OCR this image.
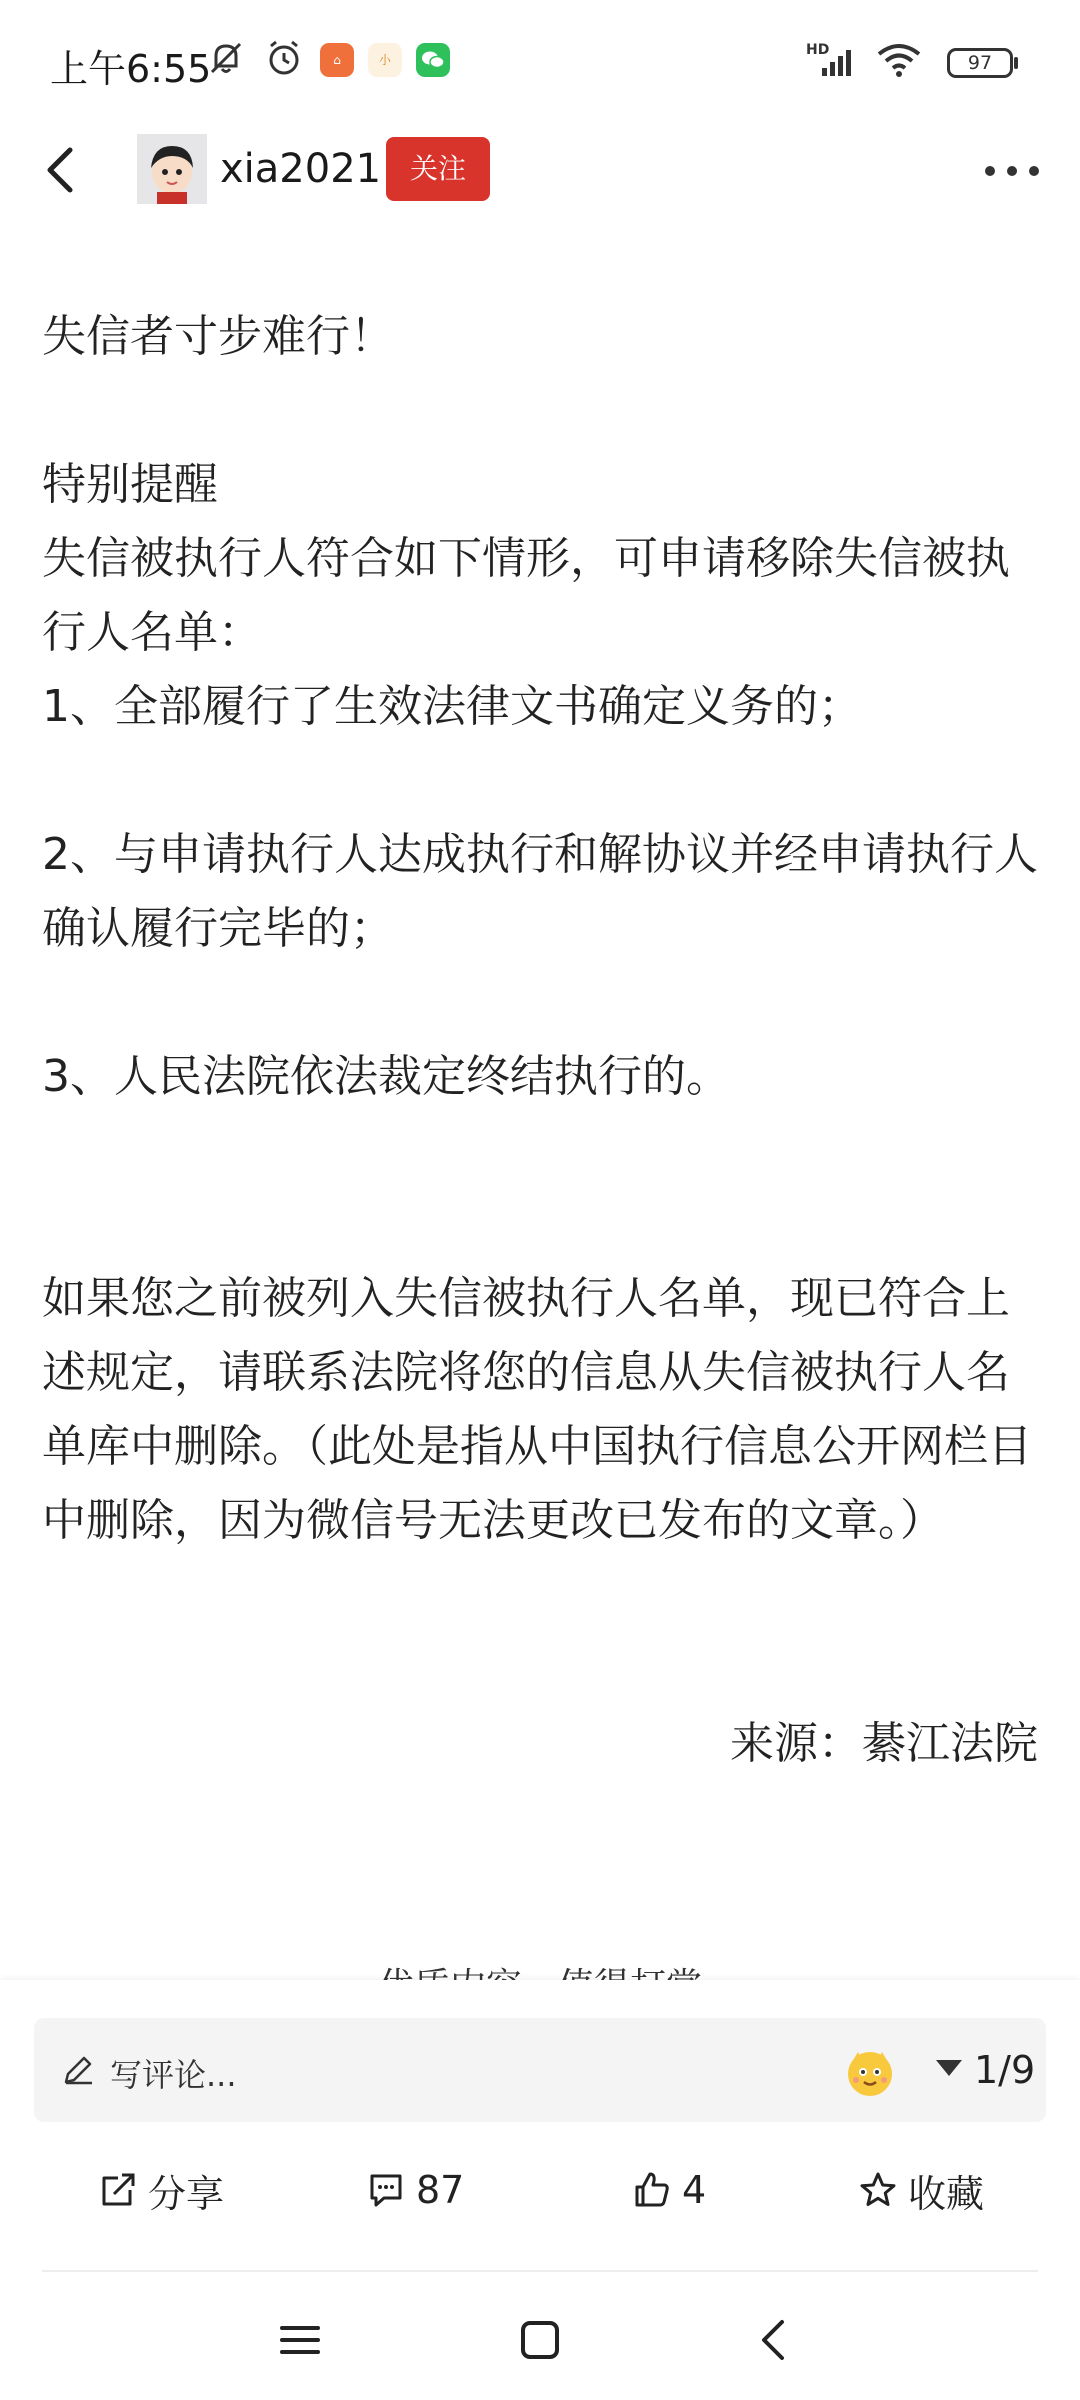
上午6:55	⌂	小
HD
97
xia2021	关注
失信者寸步难行！
特别提醒
失信被执行人符合如下情形，可申请移除失信被执行人名单：
1、全部履行了生效法律文书确定义务的；
2、与申请执行人达成执行和解协议并经申请执行人确认履行完毕的；
3、人民法院依法裁定终结执行的。
如果您之前被列入失信被执行人名单，现已符合上述规定，请联系法院将您的信息从失信被执行人名单库中删除。（此处是指从中国执行信息公开网栏目中删除，因为微信号无法更改已发布的文章。）
来源：綦江法院
写评论...	1/9
分享	87	4	收藏
